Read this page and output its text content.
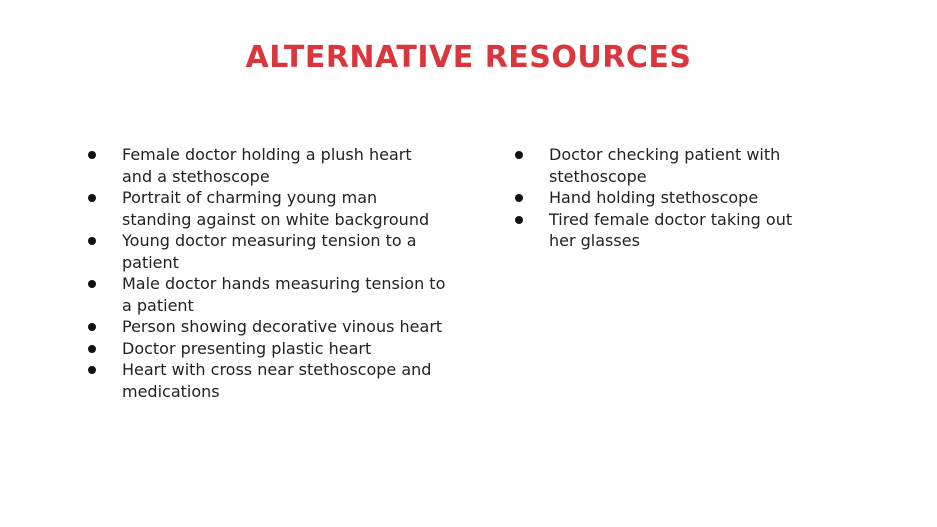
ALTERNATIVE RESOURCES
Female doctor holding a plush heart and a stethoscope
Portrait of charming young man standing against on white background
Young doctor measuring tension to a patient
Male doctor hands measuring tension to a patient
Person showing decorative vinous heart
Doctor presenting plastic heart
Heart with cross near stethoscope and medications
Doctor checking patient with stethoscope
Hand holding stethoscope
Tired female doctor taking out her glasses
